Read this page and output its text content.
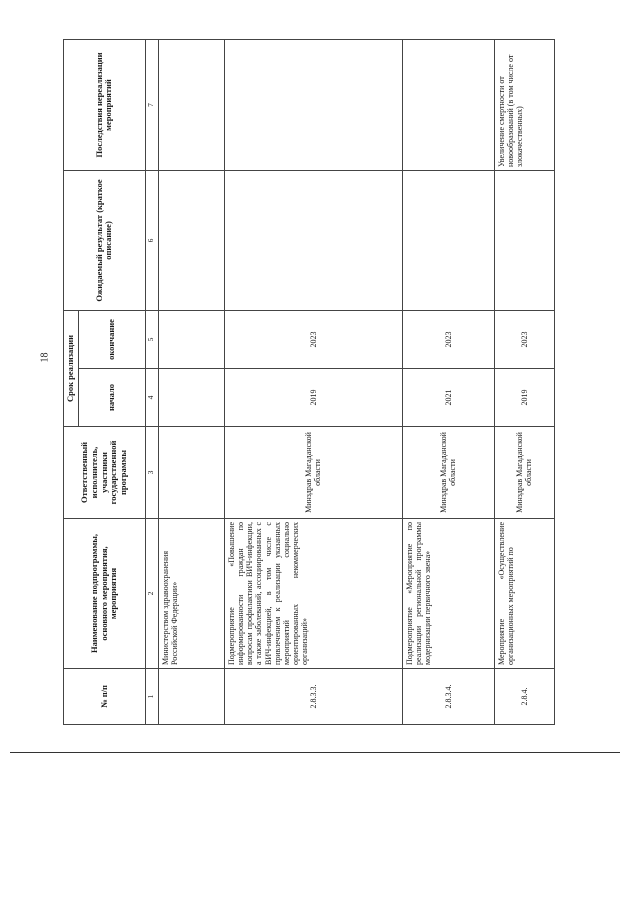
18
№ п/п	Наименование подпрограммы, основного мероприятия, мероприятия	Ответственный исполнитель, участники государственной программы	Срок реализации		Ожидаемый результат (краткое описание)	Последствия нереализации мероприятий
			начало	окончание		
1	2	3	4	5	6	7
	Министерством здравоохранения Российской Федерации»					
2.8.3.3.	Подмероприятие «Повышение информированности граждан по вопросам профилактики ВИЧ-инфекции, а также заболеваний, ассоциированных с ВИЧ-инфекцией, в том числе с привлечением к реализации указанных мероприятий социально ориентированных некоммерческих организаций»	Минздрав Магаданской области	2019	2023		
2.8.3.4.	Подмероприятие «Мероприятие по реализации региональной программы модернизации первичного звена»	Минздрав Магаданской области	2021	2023		
2.8.4.	Мероприятие «Осуществление организационных мероприятий по	Минздрав Магаданской области	2019	2023		Увеличение смертности от новообразований (в том числе от злокачественных)
